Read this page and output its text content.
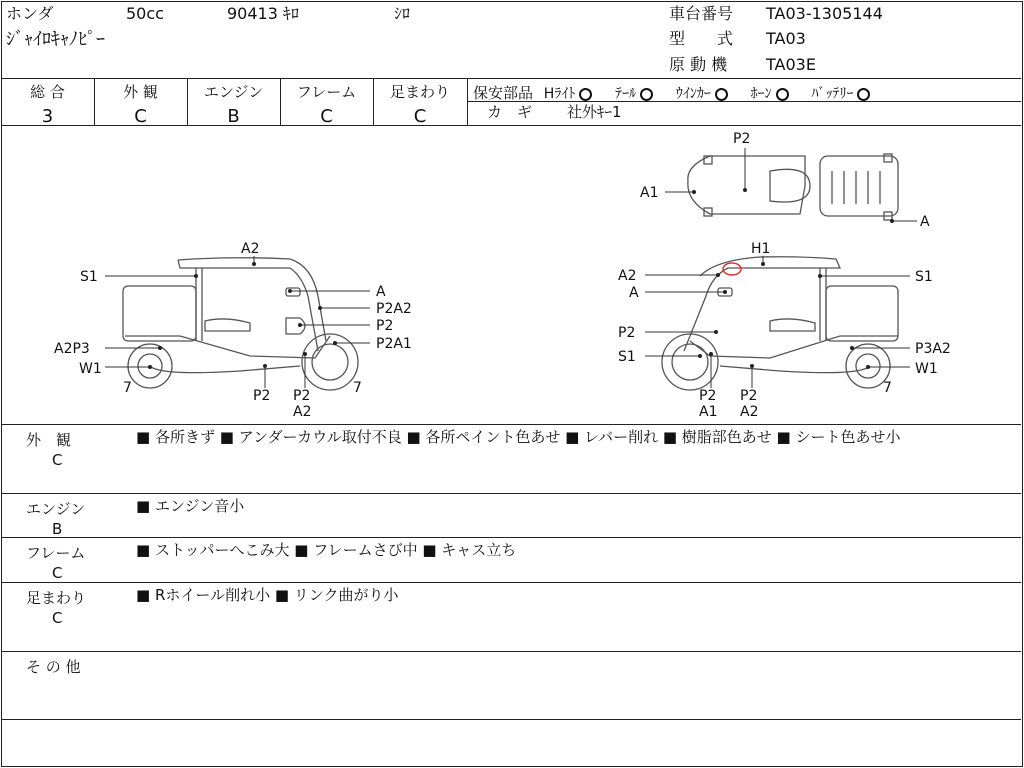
ホンダ	50cc	90413 ｷﾛ	ｼﾛ
ｼﾞｬｲﾛｷｬﾉﾋﾟｰ
車台番号 TA03-1305144
型　　式 TA03
原 動 機 TA03E
総 合
3
外 観
C
エンジン
B
フレーム
C
足まわり
C
保安部品 Hﾗｲﾄ	ﾃｰﾙ	ｳｲﾝｶｰ	ﾎｰﾝ	ﾊﾞｯﾃﾘｰ
カ　ギ 社外ｷｰ1
P2
A1
A
A2
S1
A
P2A2
P2
P2A1
A2P3
W1
7	P2 P2
A2
7
H1
A2
A
S1
P2
S1	P3A2
W1
7
P2
A1
P2
A2
外　観
C
■ 各所きず ■ アンダーカウル取付不良 ■ 各所ペイント色あせ ■ レバー削れ ■ 樹脂部色あせ ■ シート色あせ小
エンジン
B
■ エンジン音小
フレーム
C
■ ストッパーへこみ大 ■ フレームさび中 ■ キャス立ち
足まわり
C
■ Rホイール削れ小 ■ リンク曲がり小
そ の 他
